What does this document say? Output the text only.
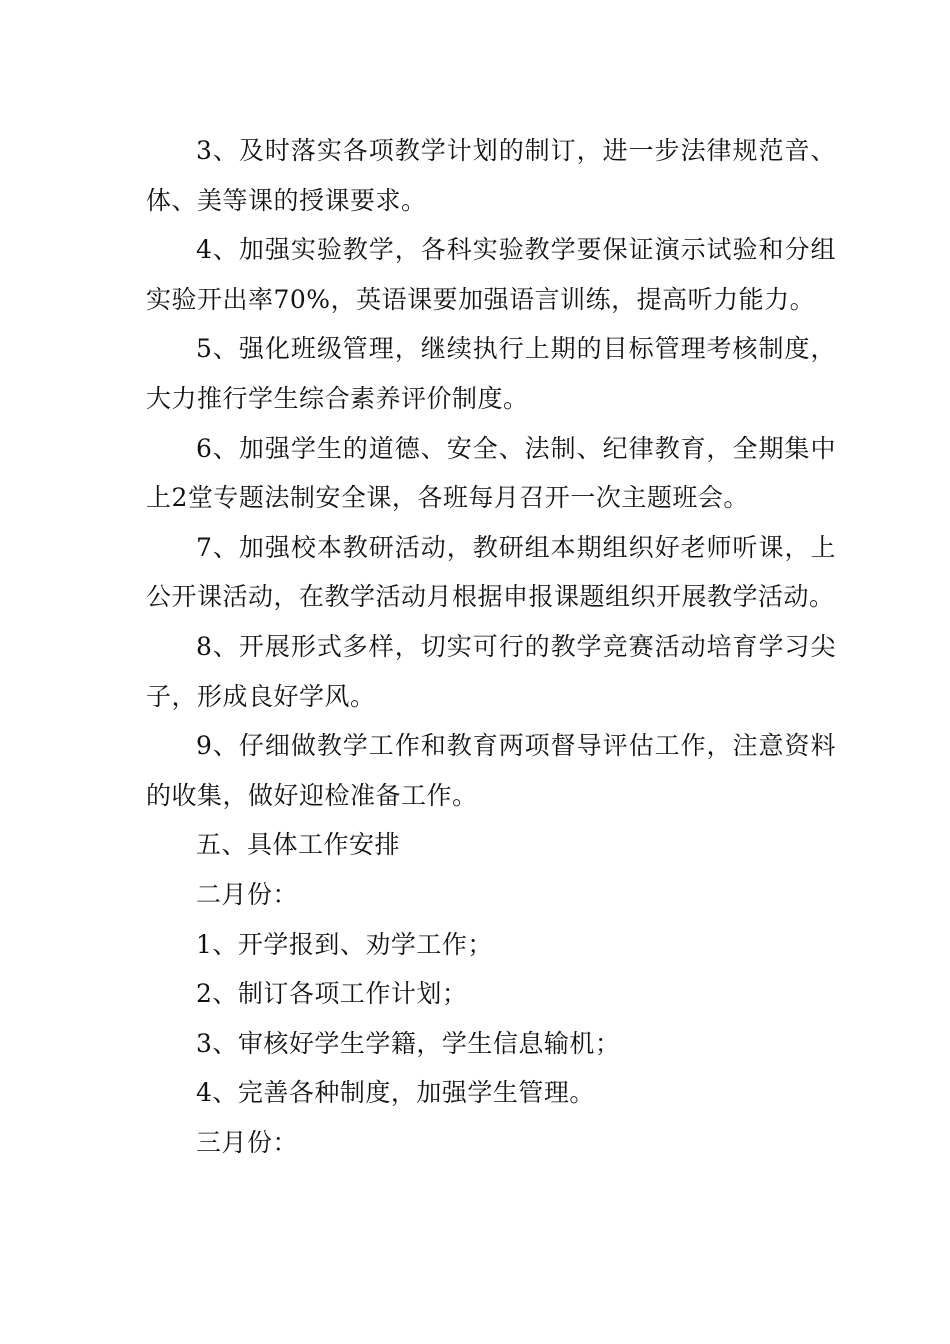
3、及时落实各项教学计划的制订，进一步法律规范音、体、美等课的授课要求。

4、加强实验教学，各科实验教学要保证演示试验和分组实验开出率70%，英语课要加强语言训练，提高听力能力。

5、强化班级管理，继续执行上期的目标管理考核制度，大力推行学生综合素养评价制度。

6、加强学生的道德、安全、法制、纪律教育，全期集中上2堂专题法制安全课，各班每月召开一次主题班会。

7、加强校本教研活动，教研组本期组织好老师听课，上公开课活动，在教学活动月根据申报课题组织开展教学活动。

8、开展形式多样，切实可行的教学竞赛活动培育学习尖子，形成良好学风。

9、仔细做教学工作和教育两项督导评估工作，注意资料的收集，做好迎检准备工作。

五、具体工作安排

二月份：

1、开学报到、劝学工作；

2、制订各项工作计划；

3、审核好学生学籍，学生信息输机；

4、完善各种制度，加强学生管理。

三月份：
